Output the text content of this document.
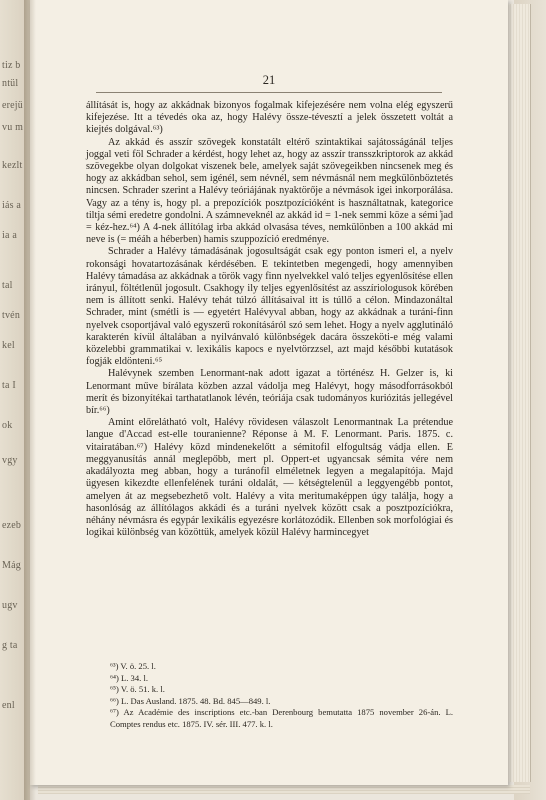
tiz b
ntül
erejü
vu m
kezlt
iás a
ia a
tal
tvén
kel
ta I
ok
vgy
ezeb
Mág
ugv
g ta
enl
21

állítását is, hogy az akkádnak bizonyos fogalmak kifejezésére nem volna elég egyszerű kifejezése. Itt a tévedés oka az, hogy Halévy össze-tévesztí a jelek összetett voltát a kiejtés dolgával.⁶³)

Az akkád és asszír szövegek konstatált eltérő szintaktikai sajátosságánál teljes joggal veti föl Schrader a kérdést, hogy lehet az, hogy az asszír transszkriptorok az akkád szövegekbe olyan dolgokat viszenek bele, amelyek saját szövegeikben nincsenek meg és hogy az akkádban sehol, sem igénél, sem névnél, sem névmásnál nem megkülönböztetés nincsen. Schrader szerint a Halévy teóriájának nyaktörője a névmások igei inkorporálása. Vagy az a tény is, hogy pl. a prepozíciók posztpozícióként is használtatnak, kategorice tiltja sémi eredetre gondolni. A számneveknél az akkád id = 1-nek semmi köze a sémi ̔jad = kéz-hez.⁶⁴) A 4-nek állítólag irba akkád olvasása téves, nemkülönben a 100 akkád mi neve is (= méáh a héberben) hamis szuppozíció eredménye.

Schrader a Halévy támadásának jogosultságát csak egy ponton ismeri el, a nyelv rokonsági hovatartozásának kérdésében. E tekintetben megengedi, hogy amennyiben Halévy támadása az akkádnak a török vagy finn nyelvekkel való teljes egyenlősítése ellen irányul, föltétlenül jogosult. Csakhogy ily teljes egyenlősítést az asszíriologusok körében nem is állított senki. Halévy tehát túlzó állításaival itt is túllő a célon. Mindazonáltal Schrader, mint (smétli is — egyetért Halévyval abban, hogy az akkádnak a turáni-finn nyelvek csoportjával való egyszerű rokonításáról szó sem lehet. Hogy a nyelv agglutináló karakterén kívül általában a nyilvánvaló különbségek dacára összeköti-e még valami közelebbi grammatikai v. lexikális kapocs e nyelvtörzzsel, azt majd későbbi kutatások fogják eldönteni.⁶⁵

Halévynek szemben Lenormant-nak adott igazat a történész H. Gelzer is, ki Lenormant műve bírálata közben azzal vádolja meg Halévyt, hogy másodforrásokból merít és bizonyítékai tarthatatlanok lévén, teóriája csak tudományos kuriózitás jellegével bír.⁶⁶)

Amint előrelátható volt, Halévy rövidesen válaszolt Lenormantnak La prétendue langue d'Accad est-elle touranienne? Réponse à M. F. Lenormant. Paris. 1875. c. vitairatában.⁶⁷) Halévy közd mindenekelőtt a sémitofil elfogultság vádja ellen. E meggyanusítás annál meglepőbb, mert pl. Oppert-et ugyancsak sémita vére nem akadályozta meg abban, hogy a turánofil elméletnek legyen a megalapítója. Majd ügyesen kikezdte ellenfelének turáni oldalát, — kétségtelenül a leggyengébb pontot, amelyen át az megsebezhető volt. Halévy a vita meritumaképpen úgy találja, hogy a hasonlóság az állítólagos akkádi és a turáni nyelvek között csak a posztpozíciókra, néhány névmásra és egypár lexikális egyezésre korlátozódik. Ellenben sok morfológiai és logikai különbség van közöttük, amelyek közül Halévy harmincegyet

⁶³) V. ö. 25. l.
⁶⁴) L. 34. l.
⁶⁵) V. ö. 51. k. l.
⁶⁶) L. Das Ausland. 1875. 48. Bd. 845—849. l.
⁶⁷) Az Académie des inscriptions etc.-ban Derenbourg bemutatta 1875 november 26-án. L. Comptes rendus etc. 1875. IV. sér. III. 477. k. l.
